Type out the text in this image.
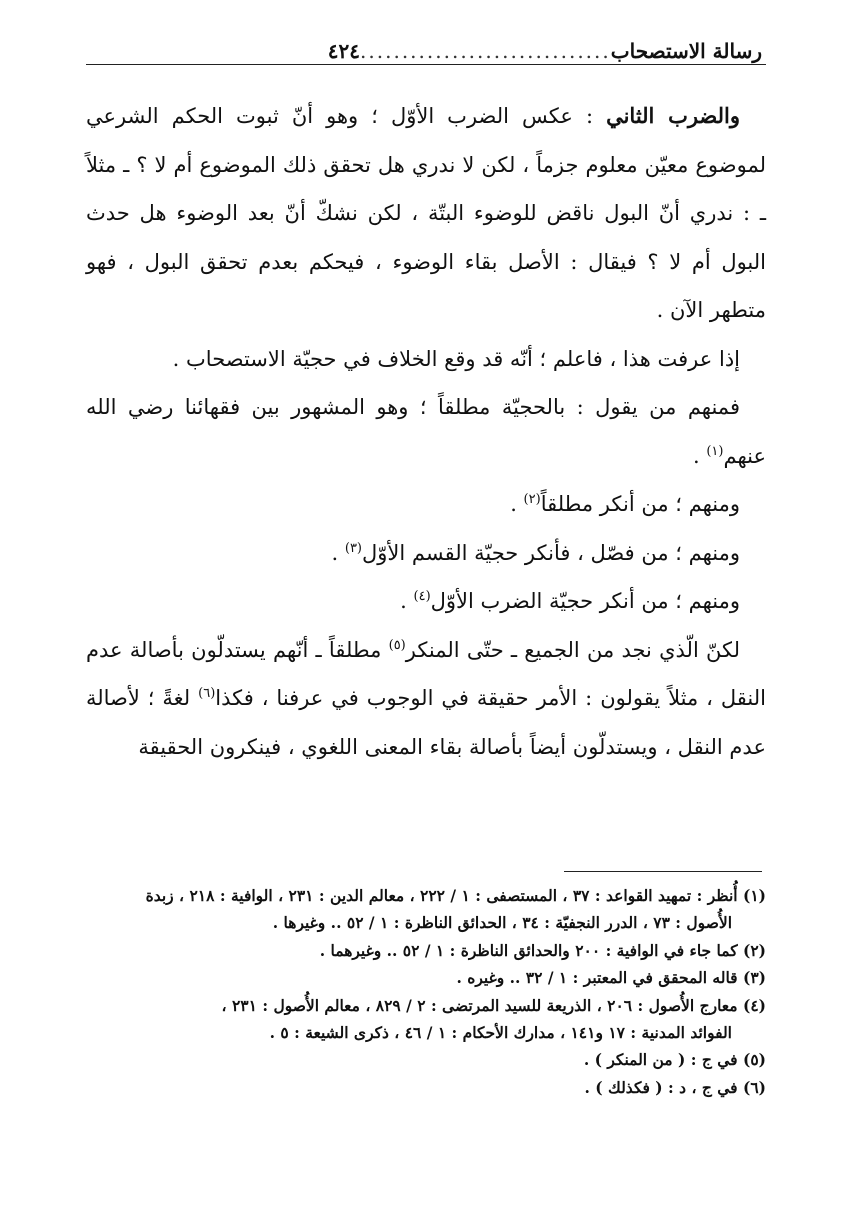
رسالة الاستصحاب
..............................
٤٢٤

والضرب الثاني : عكس الضرب الأوّل ؛ وهو أنّ ثبوت الحكم الشرعي لموضوع معيّن معلوم جزماً ، لكن لا ندري هل تحقق ذلك الموضوع أم لا ؟ ـ مثلاً ـ : ندري أنّ البول ناقض للوضوء البتّة ، لكن نشكّ أنّ بعد الوضوء هل حدث البول أم لا ؟ فيقال : الأصل بقاء الوضوء ، فيحكم بعدم تحقق البول ، فهو متطهر الآن .

إذا عرفت هذا ، فاعلم ؛ أنّه قد وقع الخلاف في حجيّة الاستصحاب .

فمنهم من يقول : بالحجيّة مطلقاً ؛ وهو المشهور بين فقهائنا رضي الله عنهم$^{(١)}$ .

ومنهم ؛ من أنكر مطلقاً$^{(٢)}$ .

ومنهم ؛ من فصّل ، فأنكر حجيّة القسم الأوّل$^{(٣)}$ .

ومنهم ؛ من أنكر حجيّة الضرب الأوّل$^{(٤)}$ .

لكنّ الّذي نجد من الجميع ـ حتّى المنكر$^{(٥)}$ مطلقاً ـ أنّهم يستدلّون بأصالة عدم النقل ، مثلاً يقولون : الأمر حقيقة في الوجوب في عرفنا ، فكذا$^{(٦)}$ لغةً ؛ لأصالة عدم النقل ، ويستدلّون أيضاً بأصالة بقاء المعنى اللغوي ، فينكرون الحقيقة

(١) أُنظر : تمهيد القواعد : ٣٧ ، المستصفى : ١ / ٢٢٢ ، معالم الدين : ٢٣١ ، الوافية : ٢١٨ ، زبدة

الأُصول : ٧٣ ، الدرر النجفيّة : ٣٤ ، الحدائق الناظرة : ١ / ٥٢ .. وغيرها .

(٢) كما جاء في الوافية : ٢٠٠ والحدائق الناظرة : ١ / ٥٢ .. وغيرهما .

(٣) قاله المحقق في المعتبر : ١ / ٣٢ .. وغيره .

(٤) معارج الأُصول : ٢٠٦ ، الذريعة للسيد المرتضى : ٢ / ٨٢٩ ، معالم الأُصول : ٢٣١ ،

الفوائد المدنية : ١٧ و١٤١ ، مدارك الأحكام : ١ / ٤٦ ، ذكرى الشيعة : ٥ .

(٥) في ج : ( من المنكر ) .

(٦) في ج ، د : ( فكذلك ) .
